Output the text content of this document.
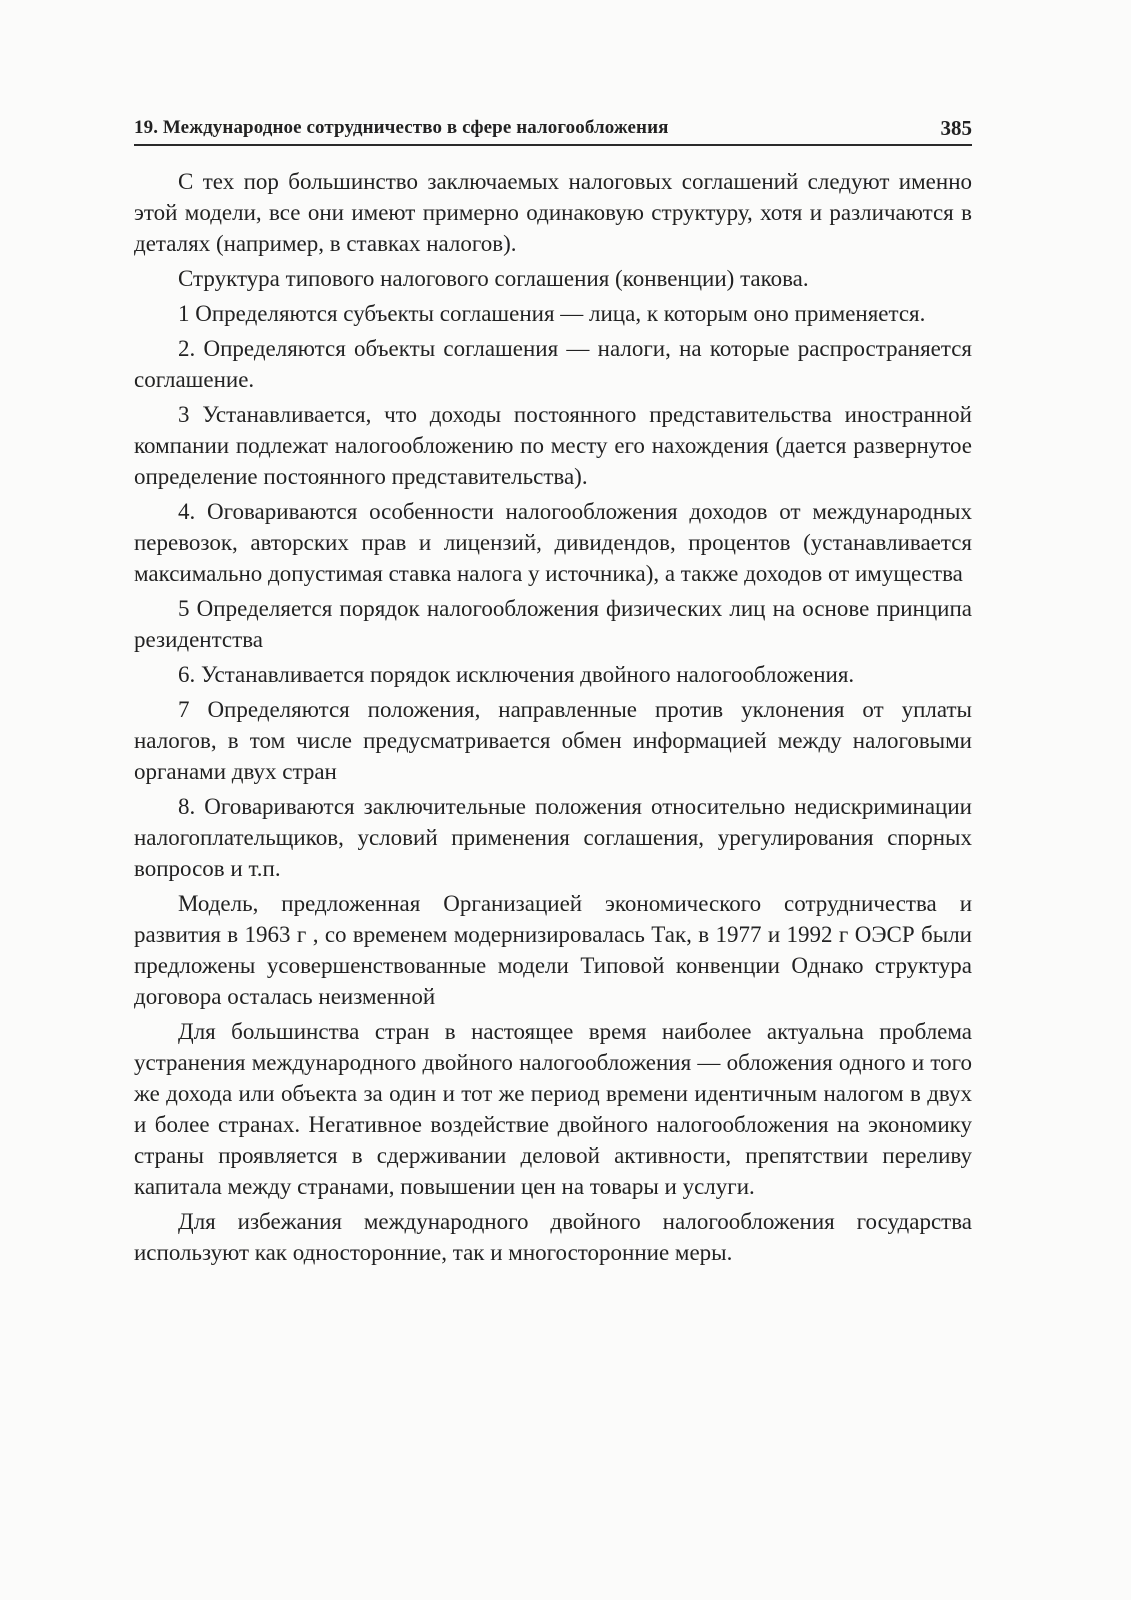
19. Международное сотрудничество в сфере налогообложения	385

С тех пор большинство заключаемых налоговых соглашений следуют именно этой модели, все они имеют примерно одинаковую структуру, хотя и различаются в деталях (например, в ставках налогов).

Структура типового налогового соглашения (конвенции) такова.

1 Определяются субъекты соглашения — лица, к которым оно применяется.

2. Определяются объекты соглашения — налоги, на которые распространяется соглашение.

3 Устанавливается, что доходы постоянного представительства иностранной компании подлежат налогообложению по месту его нахождения (дается развернутое определение постоянного представительства).

4. Оговариваются особенности налогообложения доходов от международных перевозок, авторских прав и лицензий, дивидендов, процентов (устанавливается максимально допустимая ставка налога у источника), а также доходов от имущества

5 Определяется порядок налогообложения физических лиц на основе принципа резидентства

6. Устанавливается порядок исключения двойного налогообложения.

7 Определяются положения, направленные против уклонения от уплаты налогов, в том числе предусматривается обмен информацией между налоговыми органами двух стран

8. Оговариваются заключительные положения относительно недискриминации налогоплательщиков, условий применения соглашения, урегулирования спорных вопросов и т.п.

Модель, предложенная Организацией экономического сотрудничества и развития в 1963 г , со временем модернизировалась Так, в 1977 и 1992 г ОЭСР были предложены усовершенствованные модели Типовой конвенции Однако структура договора осталась неизменной

Для большинства стран в настоящее время наиболее актуальна проблема устранения международного двойного налогообложения — обложения одного и того же дохода или объекта за один и тот же период времени идентичным налогом в двух и более странах. Негативное воздействие двойного налогообложения на экономику страны проявляется в сдерживании деловой активности, препятствии переливу капитала между странами, повышении цен на товары и услуги.

Для избежания международного двойного налогообложения государства используют как односторонние, так и многосторонние меры.
